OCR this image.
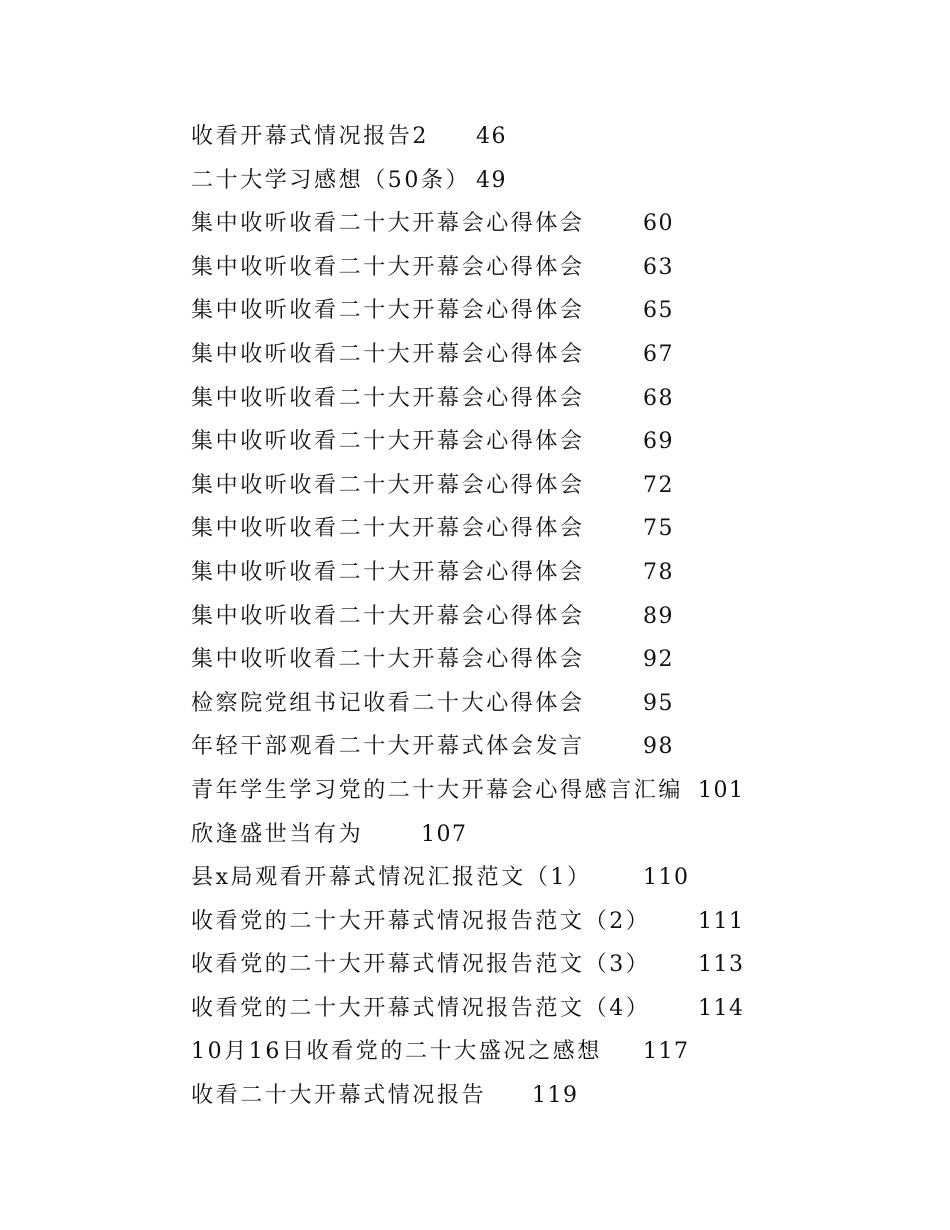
收看开幕式情况报告2 46
二十大学习感想（50条） 49
集中收听收看二十大开幕会心得体会	60
集中收听收看二十大开幕会心得体会	63
集中收听收看二十大开幕会心得体会	65
集中收听收看二十大开幕会心得体会	67
集中收听收看二十大开幕会心得体会	68
集中收听收看二十大开幕会心得体会	69
集中收听收看二十大开幕会心得体会	72
集中收听收看二十大开幕会心得体会	75
集中收听收看二十大开幕会心得体会	78
集中收听收看二十大开幕会心得体会	89
集中收听收看二十大开幕会心得体会	92
检察院党组书记收看二十大心得体会	95
年轻干部观看二十大开幕式体会发言	98
青年学生学习党的二十大开幕会心得感言汇编 101
欣逢盛世当有为	107
县x局观看开幕式情况汇报范文（1） 110
收看党的二十大开幕式情况报告范文（2） 111
收看党的二十大开幕式情况报告范文（3） 113
收看党的二十大开幕式情况报告范文（4） 114
10月16日收看党的二十大盛况之感想 117
收看二十大开幕式情况报告 119
